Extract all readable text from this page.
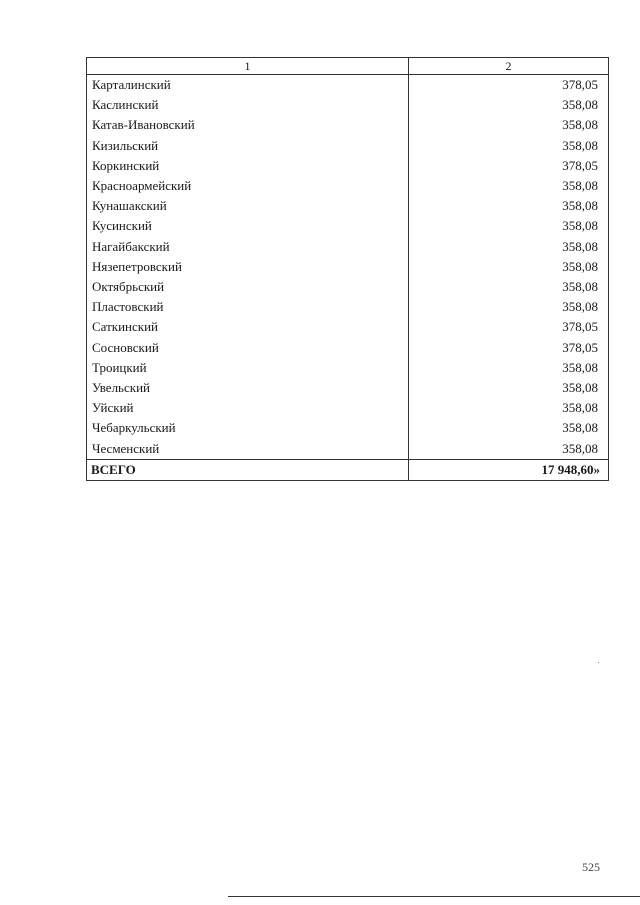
1	2
Карталинский	378,05
Каслинский	358,08
Катав-Ивановский	358,08
Кизильский	358,08
Коркинский	378,05
Красноармейский	358,08
Кунашакский	358,08
Кусинский	358,08
Нагайбакский	358,08
Нязепетровский	358,08
Октябрьский	358,08
Пластовский	358,08
Саткинский	378,05
Сосновский	378,05
Троицкий	358,08
Увельский	358,08
Уйский	358,08
Чебаркульский	358,08
Чесменский	358,08
ВСЕГО	17 948,60»
525
